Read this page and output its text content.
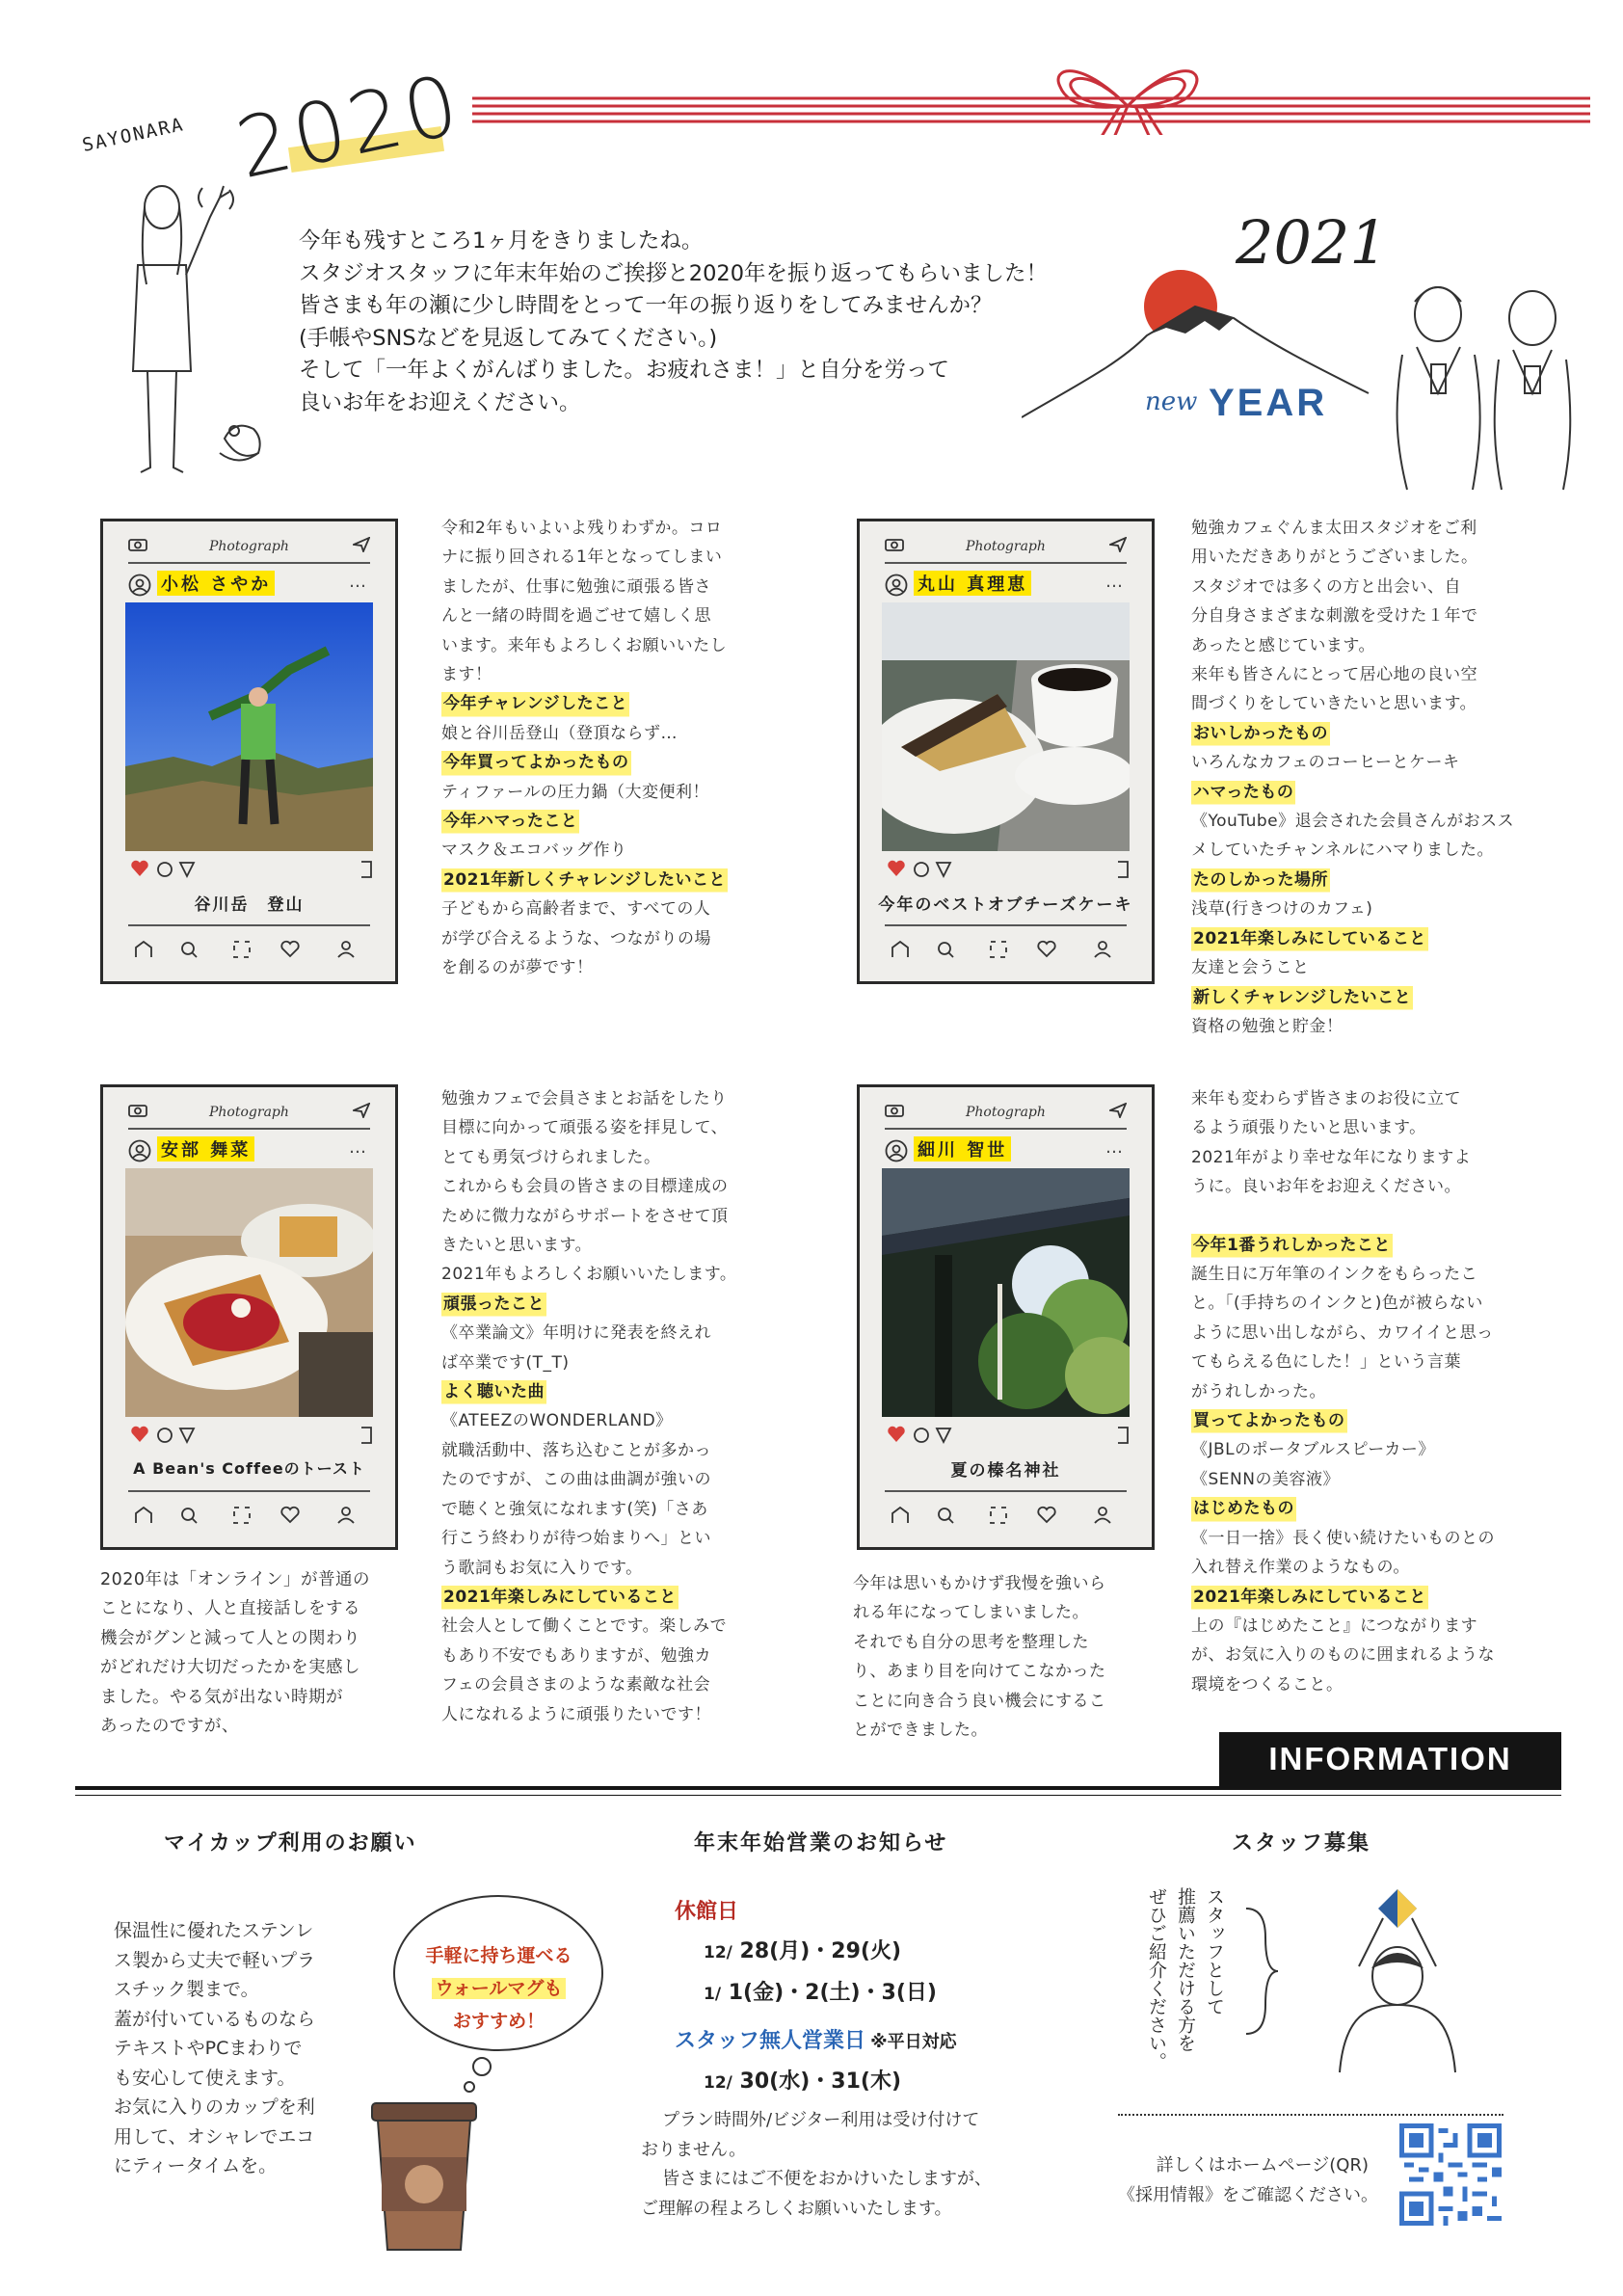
SAYONARA 2020
今年も残すところ1ヶ月をきりましたね。
スタジオスタッフに年末年始のご挨拶と2020年を振り返ってもらいました！
皆さまも年の瀬に少し時間をとって一年の振り返りをしてみませんか？
(手帳やSNSなどを見返してみてください。)
そして「一年よくがんばりました。お疲れさま！」と自分を労って
良いお年をお迎えください。
2021
new YEAR
Photograph
小松 さやか	…
谷川岳　登山
Photograph
丸山 真理恵	…
今年のベストオブチーズケーキ
Photograph
安部 舞菜	…
A Bean's Coffeeのトースト
Photograph
細川 智世	…
夏の榛名神社
令和2年もいよいよ残りわずか。コロ
ナに振り回される1年となってしまい
ましたが、仕事に勉強に頑張る皆さ
んと一緒の時間を過ごせて嬉しく思
います。来年もよろしくお願いいたし
ます！
今年チャレンジしたこと
娘と谷川岳登山（登頂ならず…
今年買ってよかったもの
ティファールの圧力鍋（大変便利！
今年ハマったこと
マスク＆エコバッグ作り
2021年新しくチャレンジしたいこと
子どもから高齢者まで、すべての人
が学び合えるような、つながりの場
を創るのが夢です！
勉強カフェぐんま太田スタジオをご利
用いただきありがとうございました。
スタジオでは多くの方と出会い、自
分自身さまざまな刺激を受けた１年で
あったと感じています。
来年も皆さんにとって居心地の良い空
間づくりをしていきたいと思います。
おいしかったもの
いろんなカフェのコーヒーとケーキ
ハマったもの
《YouTube》退会された会員さんがおスス
メしていたチャンネルにハマりました。
たのしかった場所
浅草(行きつけのカフェ)
2021年楽しみにしていること
友達と会うこと
新しくチャレンジしたいこと
資格の勉強と貯金！
勉強カフェで会員さまとお話をしたり
目標に向かって頑張る姿を拝見して、
とても勇気づけられました。
これからも会員の皆さまの目標達成の
ために微力ながらサポートをさせて頂
きたいと思います。
2021年もよろしくお願いいたします。
頑張ったこと
《卒業論文》年明けに発表を終えれ
ば卒業です(T_T)
よく聴いた曲
《ATEEZのWONDERLAND》
就職活動中、落ち込むことが多かっ
たのですが、この曲は曲調が強いの
で聴くと強気になれます(笑)「さあ
行こう終わりが待つ始まりへ」とい
う歌詞もお気に入りです。
2021年楽しみにしていること
社会人として働くことです。楽しみで
もあり不安でもありますが、勉強カ
フェの会員さまのような素敵な社会
人になれるように頑張りたいです！
2020年は「オンライン」が普通の
ことになり、人と直接話しをする
機会がグンと減って人との関わり
がどれだけ大切だったかを実感し
ました。やる気が出ない時期が
あったのですが、
来年も変わらず皆さまのお役に立て
るよう頑張りたいと思います。
2021年がより幸せな年になりますよ
うに。良いお年をお迎えください。
今年1番うれしかったこと
誕生日に万年筆のインクをもらったこ
と。「(手持ちのインクと)色が被らない
ように思い出しながら、カワイイと思っ
てもらえる色にした！」という言葉
がうれしかった。
買ってよかったもの
《JBLのポータブルスピーカー》
《SENNの美容液》
はじめたもの
《一日一捨》長く使い続けたいものとの
入れ替え作業のようなもの。
2021年楽しみにしていること
上の『はじめたこと』につながります
が、お気に入りのものに囲まれるような
環境をつくること。
今年は思いもかけず我慢を強いら
れる年になってしまいました。
それでも自分の思考を整理した
り、あまり目を向けてこなかった
ことに向き合う良い機会にするこ
とができました。
INFORMATION
マイカップ利用のお願い
保温性に優れたステンレ
ス製から丈夫で軽いプラ
スチック製まで。
蓋が付いているものなら
テキストやPCまわりで
も安心して使えます。
お気に入りのカップを利
用して、オシャレでエコ
にティータイムを。
手軽に持ち運べる
ウォールマグも
おすすめ！
年末年始営業のお知らせ
休館日
12/ 28(月)・29(火)
1/ 1(金)・2(土)・3(日)
スタッフ無人営業日 ※平日対応
12/ 30(水)・31(木)
プラン時間外/ビジター利用は受け付けて
おりません。
皆さまにはご不便をおかけいたしますが、
ご理解の程よろしくお願いいたします。
スタッフ募集
スタッフとして
推薦いただける方を
ぜひご紹介ください。
詳しくはホームページ(QR)
《採用情報》をご確認ください。
